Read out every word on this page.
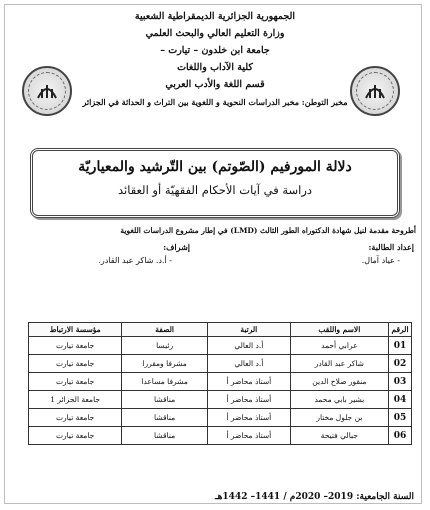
الجمهورية الجزائرية الديمقراطية الشعبية
وزارة التعليم العالي والبحث العلمي
جامعة ابن خلدون – تيارت –
كلية الآداب واللغات
قسم اللغة والأدب العربي
مخبر التوطن: مخبر الدراسات النحوية و اللغوية بين التراث و الحداثة في الجزائر
دلالة المورفيم (الصّوتم) بين التّرشيد والمعياريّة
دراسة في آيات الأحكام الفقهيّة أو العقائد
أطروحة مقدمة لنيل شهادة الدكتوراه الطور الثالث (LMD) في إطار مشروع الدراسات اللغوية
إعداد الطالبة:
- عياد آمال.
إشراف:
- أ.د. شاكر عبد القادر.
الرقم	الاسم واللقب	الرتبة	الصفة	مؤسسة الارتباط
01	عرابي أحمد	أ.د العالي	رئيسا	جامعة تيارت
02	شاكر عبد القادر	أ.د العالي	مشرفا ومقررا	جامعة تيارت
03	منقور صلاح الدين	أستاذ محاضر أ	مشرفا مساعدا	جامعة تيارت
04	بشير بابي محمد	أستاذ محاضر أ	مناقشا	جامعة الجزائر 1
05	بن جلول مختار	أستاذ محاضر أ	مناقشا	جامعة تيارت
06	جبالي فتيحة	أستاذ محاضر أ	مناقشا	جامعة تيارت
السنة الجامعية: 2019– 2020م / 1441– 1442هـ
